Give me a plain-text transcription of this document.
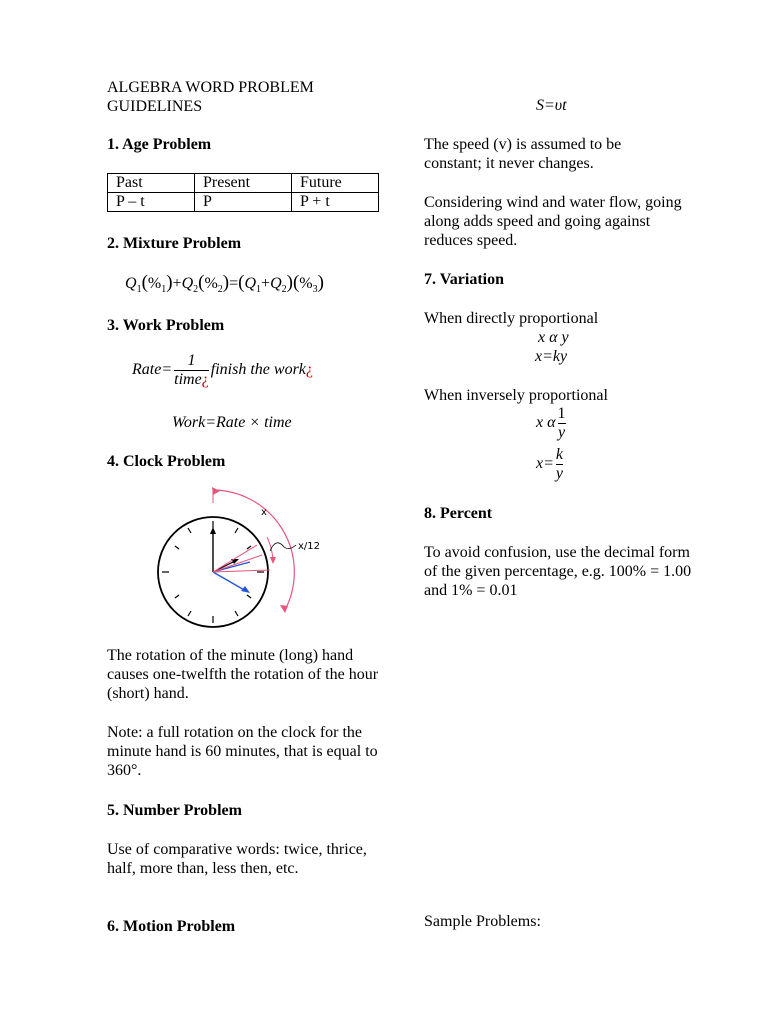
ALGEBRA WORD PROBLEM
GUIDELINES
1. Age Problem
Past	Present	Future
P – t	P	P + t
2. Mixture Problem
$Q_1(\%_1)+Q_2(\%_2)=(Q_1+Q_2)(\%_3)$
3. Work Problem
Rate= $\frac{1}{\text{time¿}}$ finish the work¿
Work=Rate × time
4. Clock Problem
x
x/12
The rotation of the minute (long) hand causes one-twelfth the rotation of the hour (short) hand.
Note: a full rotation on the clock for the minute hand is 60 minutes, that is equal to 360°.
5. Number Problem
Use of comparative words: twice, thrice, half, more than, less then, etc.
6. Motion Problem
S=υt
The speed (v) is assumed to be constant; it never changes.
Considering wind and water flow, going along adds speed and going against reduces speed.
7. Variation
When directly proportional
x α y
x=ky
When inversely proportional
x α $\frac{1}{y}$
$x= \frac{k}{y}$
8. Percent
To avoid confusion, use the decimal form of the given percentage, e.g. 100% = 1.00 and 1% = 0.01
Sample Problems:
